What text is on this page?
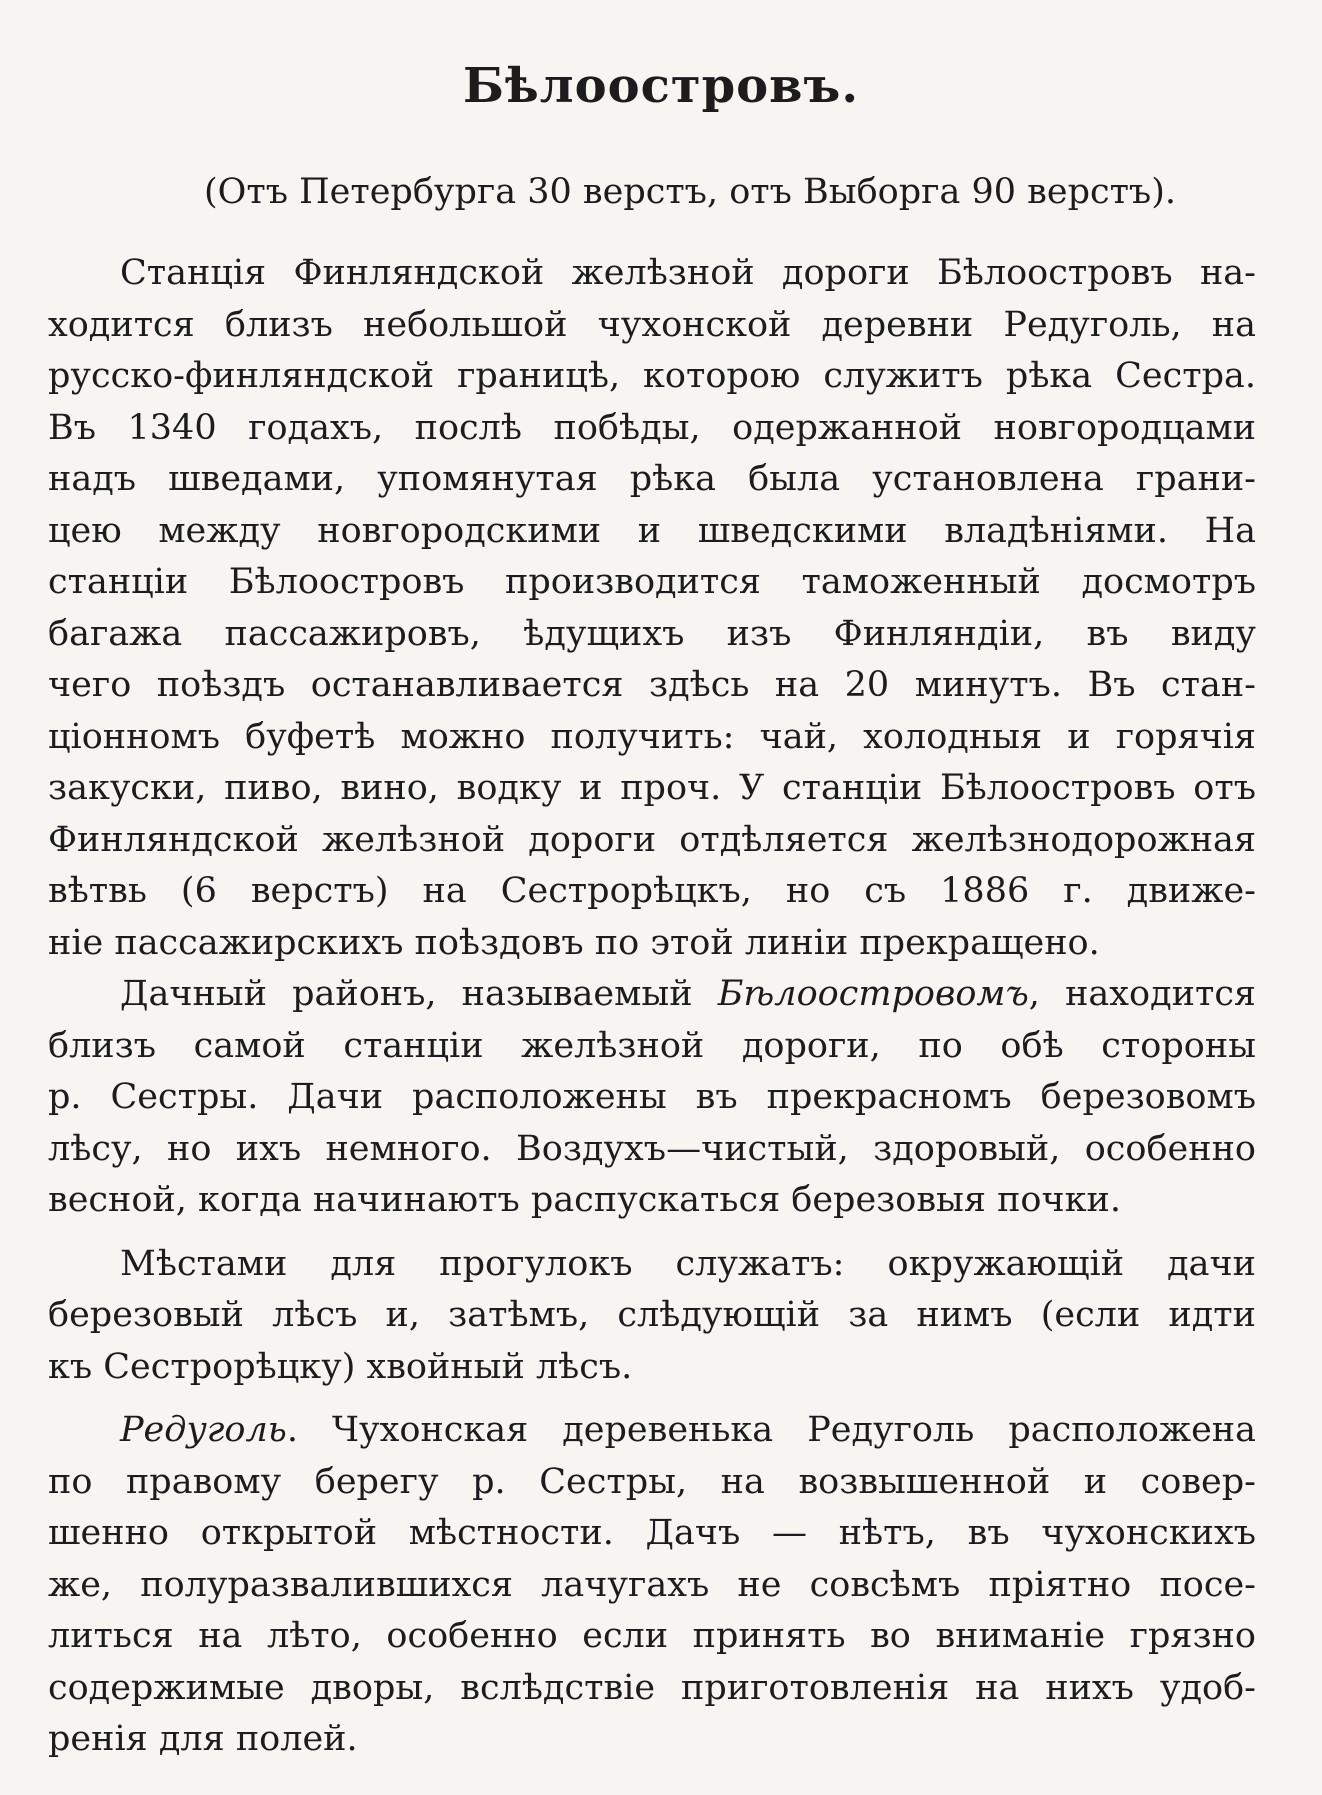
Бѣлоостровъ.

(Отъ Петербурга 30 верстъ, отъ Выборга 90 верстъ).

Станція Финляндской желѣзной дороги Бѣлоостровъ на-
ходится близъ небольшой чухонской деревни Редуголь, на
русско-финляндской границѣ, которою служитъ рѣка Сестра.
Въ 1340 годахъ, послѣ побѣды, одержанной новгородцами
надъ шведами, упомянутая рѣка была установлена грани-
цею между новгородскими и шведскими владѣніями. На
станціи Бѣлоостровъ производится таможенный досмотръ
багажа пассажировъ, ѣдущихъ изъ Финляндіи, въ виду
чего поѣздъ останавливается здѣсь на 20 минутъ. Въ стан-
ціонномъ буфетѣ можно получить: чай, холодныя и горячія
закуски, пиво, вино, водку и проч. У станціи Бѣлоостровъ отъ
Финляндской желѣзной дороги отдѣляется желѣзнодорожная
вѣтвь (6 верстъ) на Сестрорѣцкъ, но съ 1886 г. движе-
ніе пассажирскихъ поѣздовъ по этой линіи прекращено.
Дачный районъ, называемый Бѣлоостровомъ, находится
близъ самой станціи желѣзной дороги, по обѣ стороны
р. Сестры. Дачи расположены въ прекрасномъ березовомъ
лѣсу, но ихъ немного. Воздухъ—чистый, здоровый, особенно
весной, когда начинаютъ распускаться березовыя почки.
Мѣстами для прогулокъ служатъ: окружающій дачи
березовый лѣсъ и, затѣмъ, слѣдующій за нимъ (если идти
къ Сестрорѣцку) хвойный лѣсъ.
Редуголь. Чухонская деревенька Редуголь расположена
по правому берегу р. Сестры, на возвышенной и совер-
шенно открытой мѣстности. Дачъ — нѣтъ, въ чухонскихъ
же, полуразвалившихся лачугахъ не совсѣмъ пріятно посе-
литься на лѣто, особенно если принять во вниманіе грязно
содержимые дворы, вслѣдствіе приготовленія на нихъ удоб-
ренія для полей.
